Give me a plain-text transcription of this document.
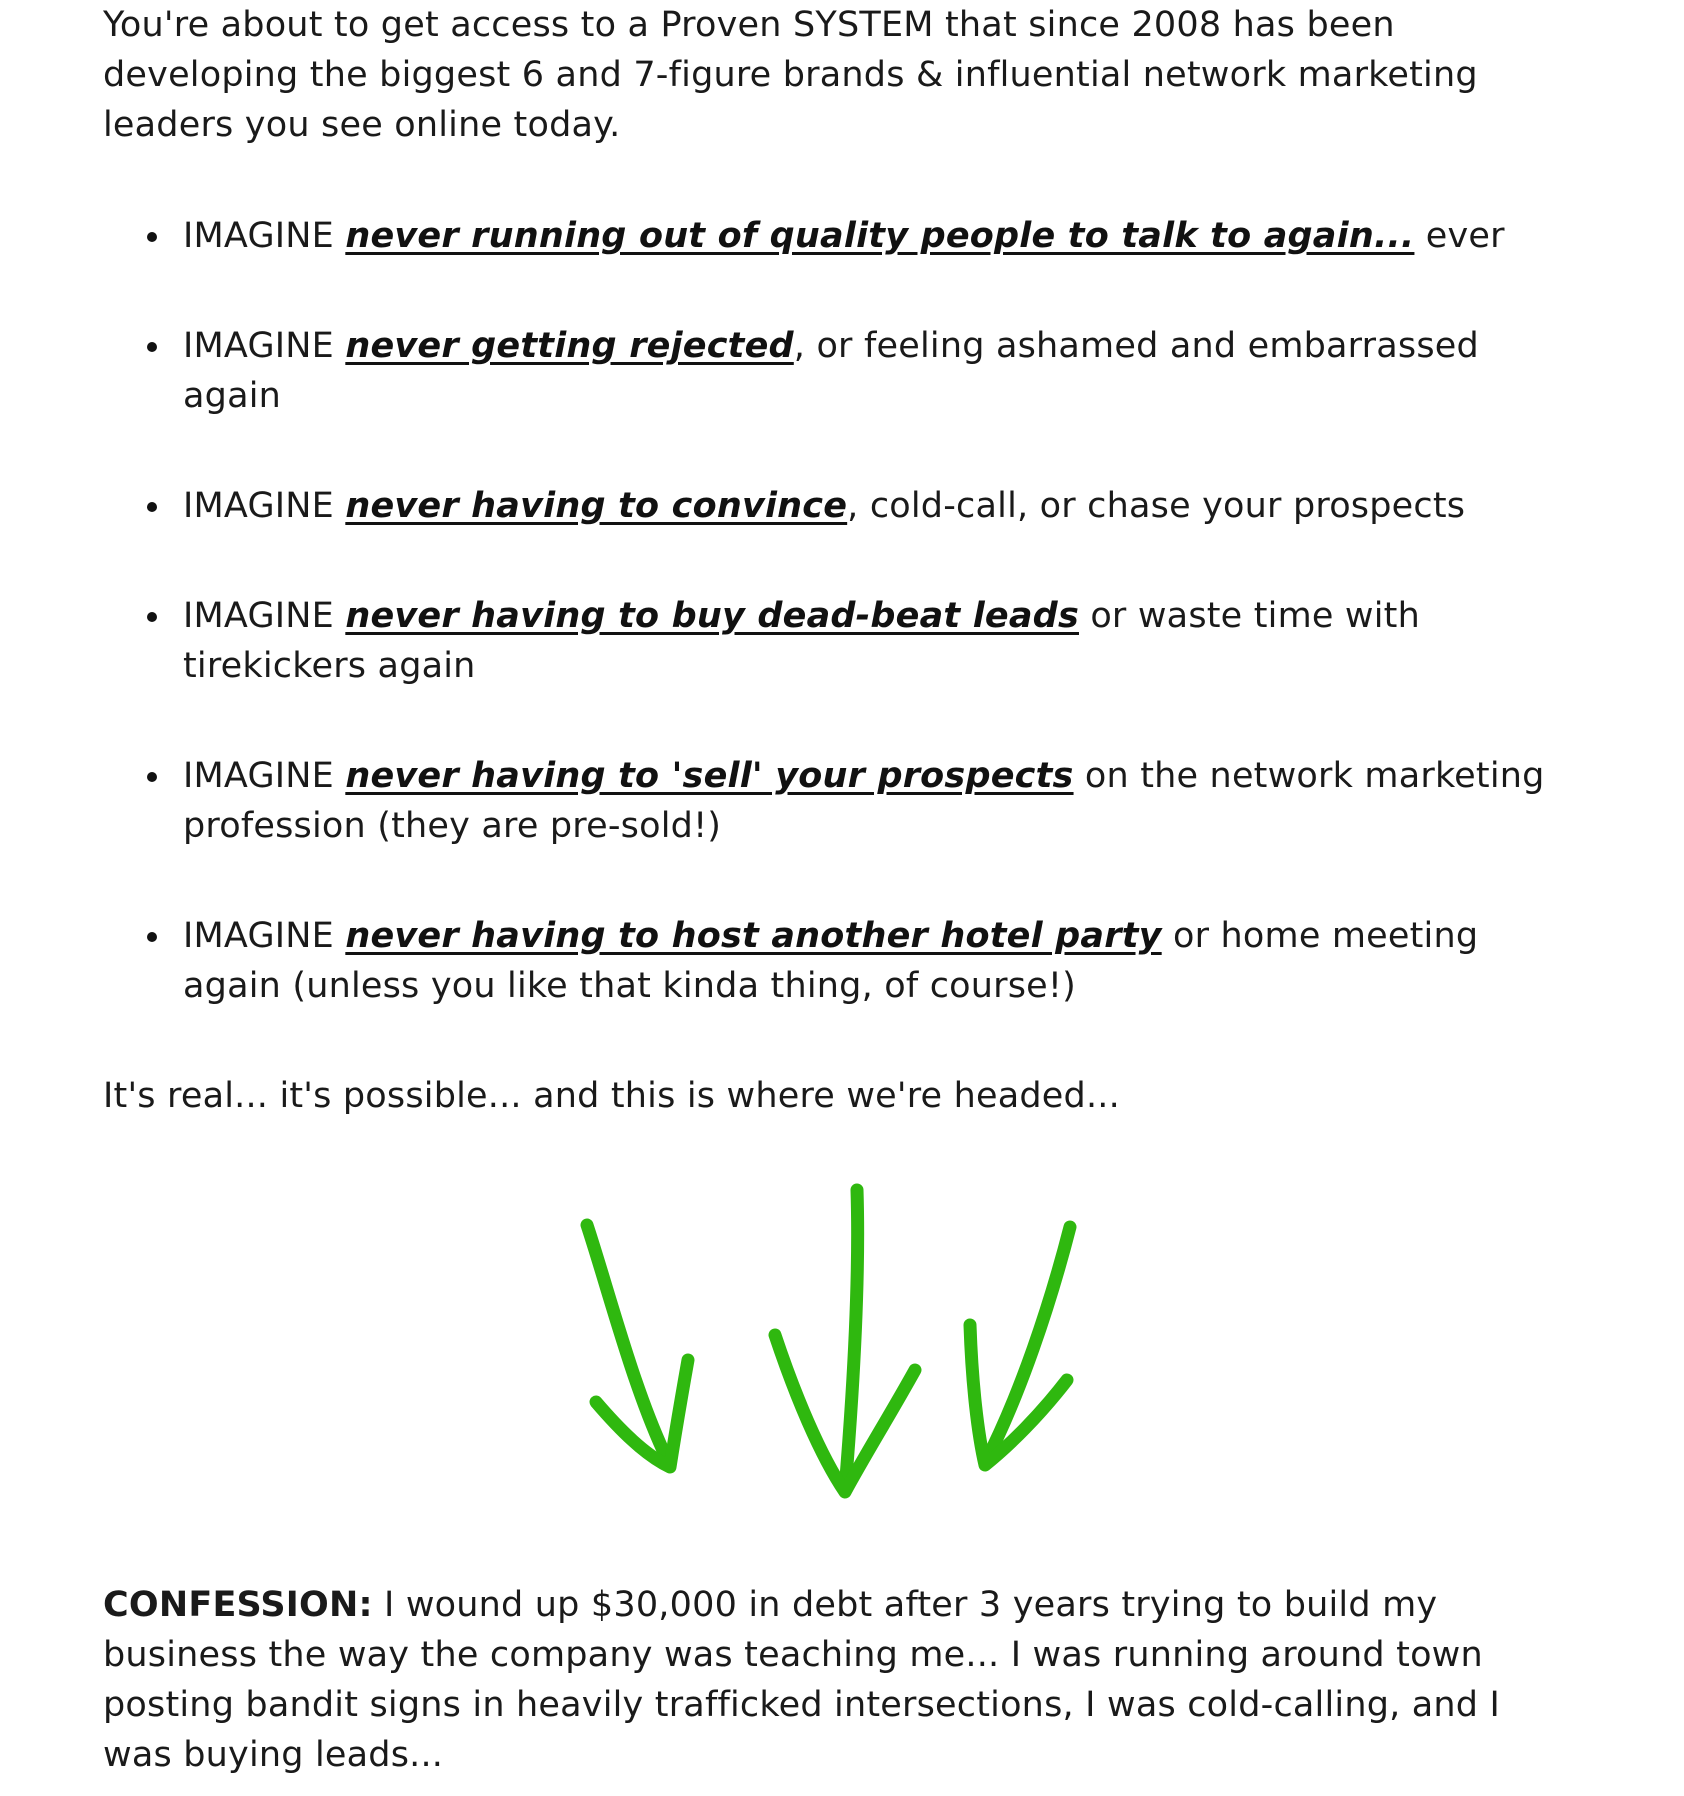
You're about to get access to a Proven SYSTEM that since 2008 has been developing the biggest 6 and 7-figure brands & influential network marketing leaders you see online today.

IMAGINE never running out of quality people to talk to again... ever
IMAGINE never getting rejected, or feeling ashamed and embarrassed again
IMAGINE never having to convince, cold-call, or chase your prospects
IMAGINE never having to buy dead-beat leads or waste time with tirekickers again
IMAGINE never having to 'sell' your prospects on the network marketing profession (they are pre-sold!)
IMAGINE never having to host another hotel party or home meeting again (unless you like that kinda thing, of course!)

It's real... it's possible... and this is where we're headed...

CONFESSION: I wound up $30,000 in debt after 3 years trying to build my business the way the company was teaching me... I was running around town posting bandit signs in heavily trafficked intersections, I was cold-calling, and I was buying leads...
